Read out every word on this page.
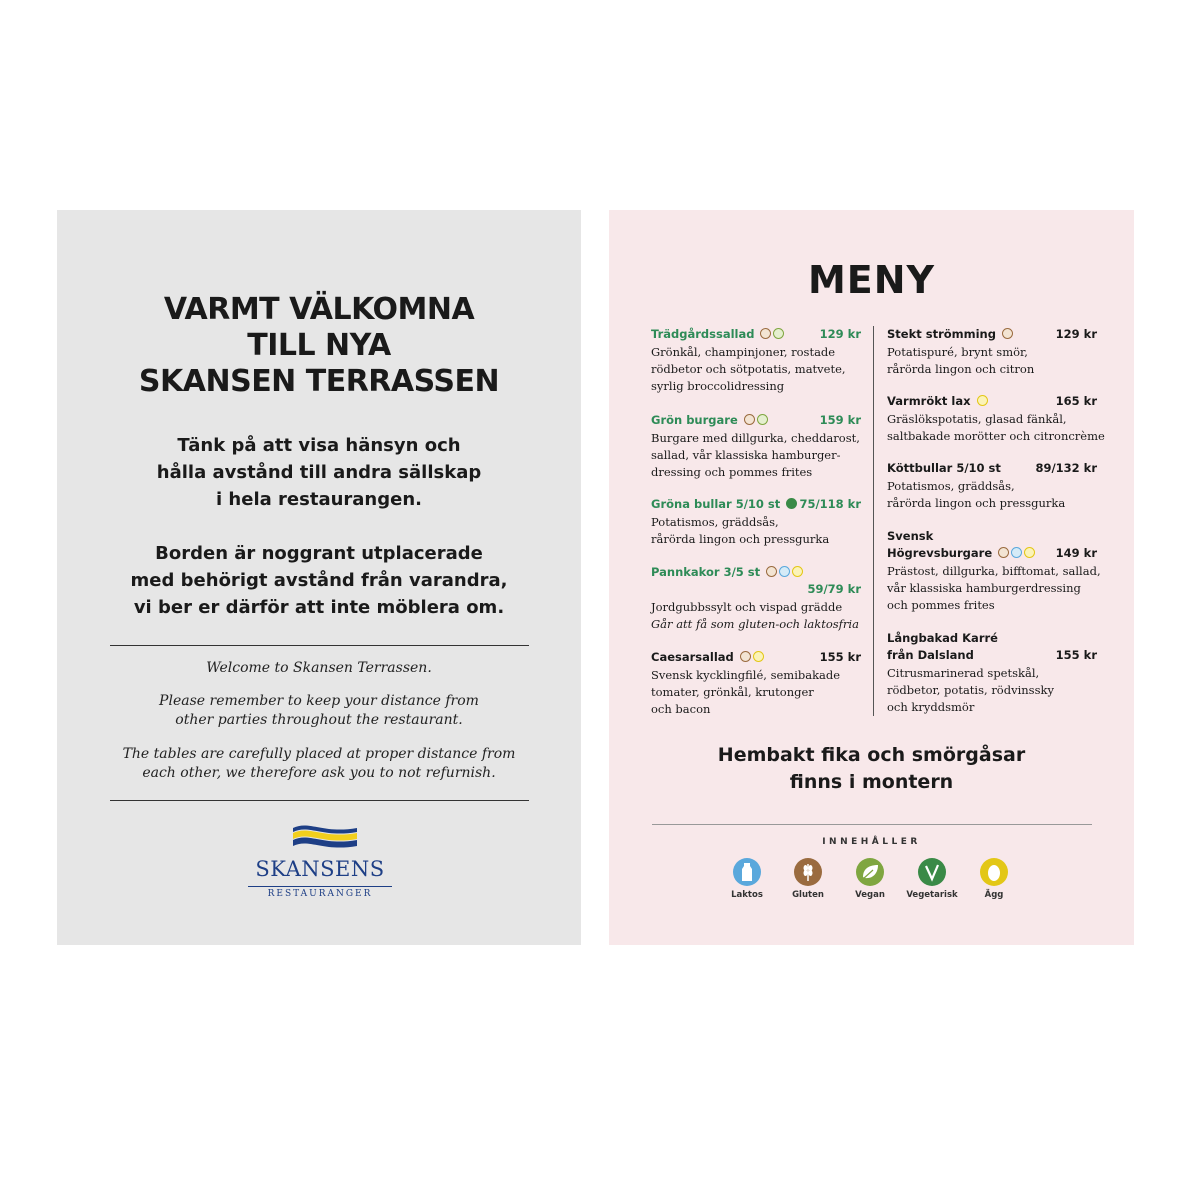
VARMT VÄLKOMNA
TILL NYA
SKANSEN TERRASSEN
Tänk på att visa hänsyn och
hålla avstånd till andra sällskap
i hela restaurangen.
Borden är noggrant utplacerade
med behörigt avstånd från varandra,
vi ber er därför att inte möblera om.
Welcome to Skansen Terrassen.
Please remember to keep your distance from
other parties throughout the restaurant.
The tables are carefully placed at proper distance from
each other, we therefore ask you to not refurnish.
SKANSENS
RESTAURANGER
MENY
Trädgårdssallad	129 kr
Grönkål, champinjoner, rostade
rödbetor och sötpotatis, matvete,
syrlig broccolidressing
Grön burgare	159 kr
Burgare med dillgurka, cheddarost,
sallad, vår klassiska hamburger-
dressing och pommes frites
Gröna bullar 5/10 st	75/118 kr
Potatismos, gräddsås,
rårörda lingon och pressgurka
Pannkakor 3/5 st
59/79 kr
Jordgubbssylt och vispad grädde
Går att få som gluten-och laktosfria
Caesarsallad	155 kr
Svensk kycklingfilé, semibakade
tomater, grönkål, krutonger
och bacon
Stekt strömming	129 kr
Potatispuré, brynt smör,
rårörda lingon och citron
Varmrökt lax	165 kr
Gräslökspotatis, glasad fänkål,
saltbakade morötter och citroncrème
Köttbullar 5/10 st	89/132 kr
Potatismos, gräddsås,
rårörda lingon och pressgurka
Svensk
Högrevsburgare	149 kr
Prästost, dillgurka, bifftomat, sallad,
vår klassiska hamburgerdressing
och pommes frites
Långbakad Karré
från Dalsland	155 kr
Citrusmarinerad spetskål,
rödbetor, potatis, rödvinssky
och kryddsmör
Hembakt fika och smörgåsar
finns i montern
INNEHÅLLER
Laktos	Gluten	Vegan	Vegetarisk	Ägg
